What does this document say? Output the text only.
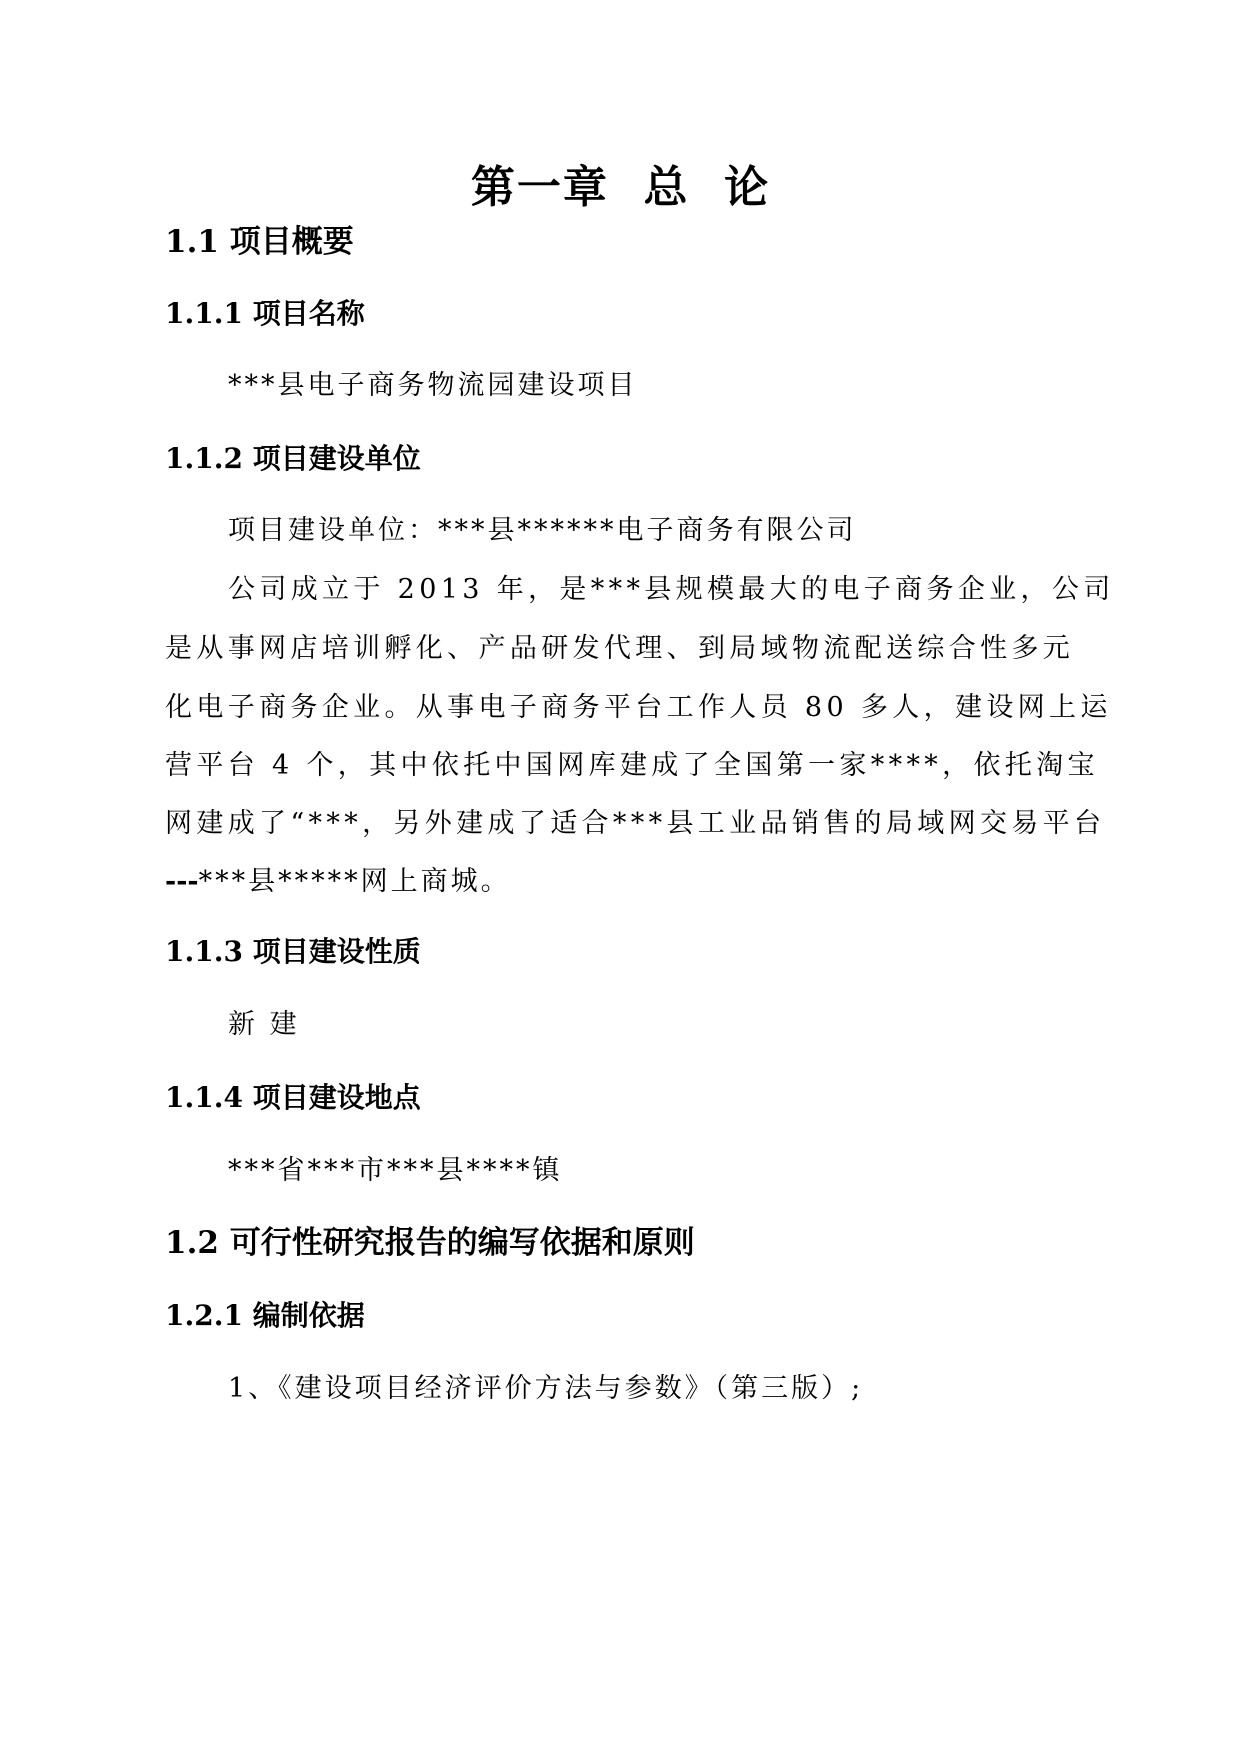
第一章  总  论
1.1 项目概要
1.1.1 项目名称

***县电子商务物流园建设项目

1.1.2 项目建设单位

项目建设单位：***县******电子商务有限公司

公司成立于 2013 年，是***县规模最大的电子商务企业，公司

是从事网店培训孵化、产品研发代理、到局域物流配送综合性多元

化电子商务企业。从事电子商务平台工作人员 80 多人，建设网上运

营平台 4 个，其中依托中国网库建成了全国第一家****，依托淘宝

网建成了“***，另外建成了适合***县工业品销售的局域网交易平台

---***县*****网上商城。

1.1.3 项目建设性质

新 建

1.1.4 项目建设地点

***省***市***县****镇

1.2 可行性研究报告的编写依据和原则
1.2.1 编制依据

1、《建设项目经济评价方法与参数》（第三版）;
